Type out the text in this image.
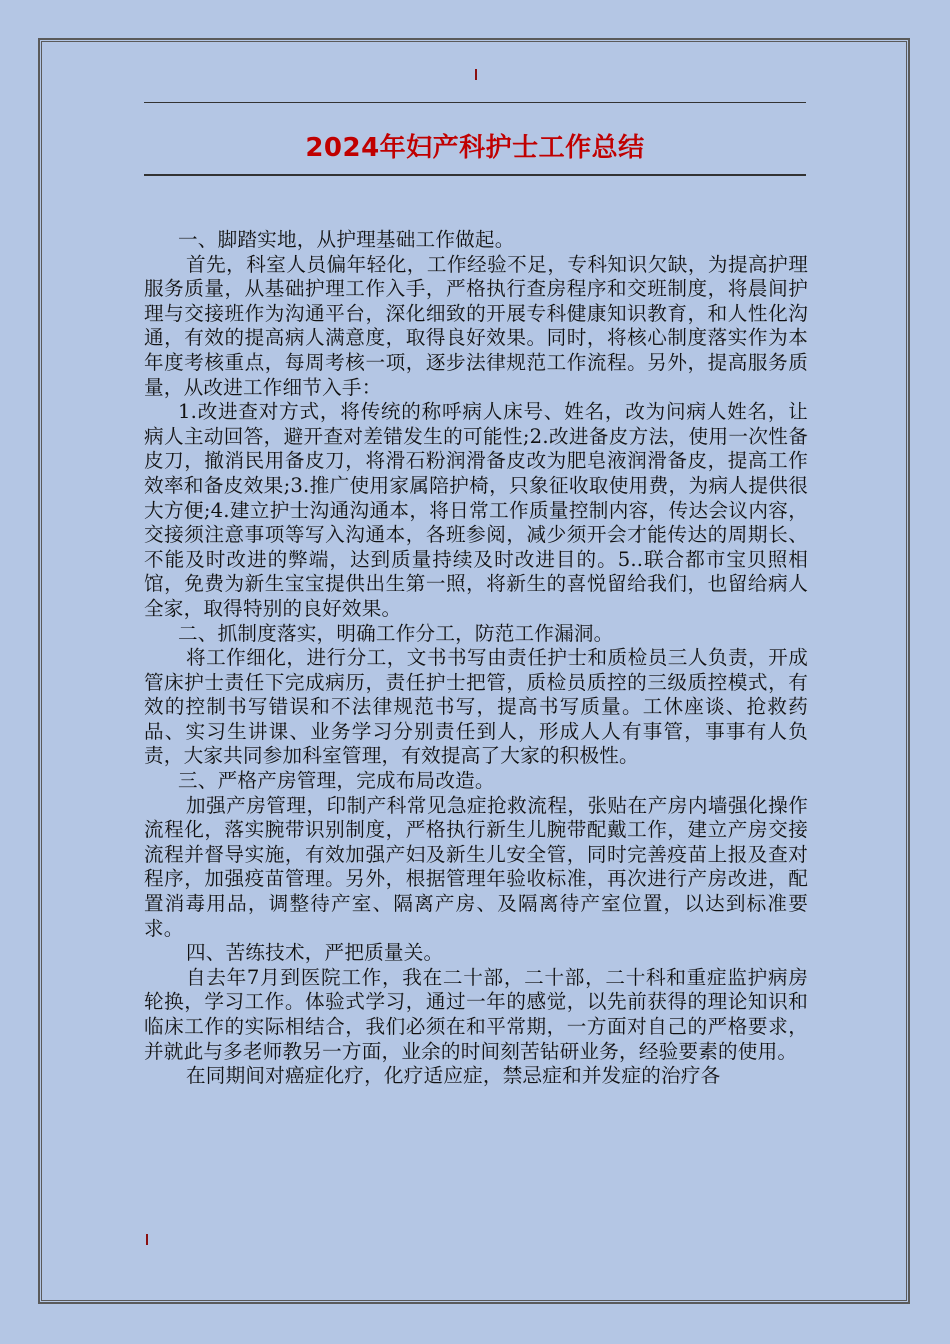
2024年妇产科护士工作总结

一、脚踏实地，从护理基础工作做起。

首先，科室人员偏年轻化，工作经验不足，专科知识欠缺，为提高护理服务质量，从基础护理工作入手，严格执行查房程序和交班制度，将晨间护理与交接班作为沟通平台，深化细致的开展专科健康知识教育，和人性化沟通，有效的提高病人满意度，取得良好效果。同时，将核心制度落实作为本年度考核重点，每周考核一项，逐步法律规范工作流程。另外，提高服务质量，从改进工作细节入手：

1.改进查对方式，将传统的称呼病人床号、姓名，改为问病人姓名，让病人主动回答，避开查对差错发生的可能性;2.改进备皮方法，使用一次性备皮刀，撤消民用备皮刀，将滑石粉润滑备皮改为肥皂液润滑备皮，提高工作效率和备皮效果;3.推广使用家属陪护椅，只象征收取使用费，为病人提供很大方便;4.建立护士沟通沟通本，将日常工作质量控制内容，传达会议内容，交接须注意事项等写入沟通本，各班参阅，减少须开会才能传达的周期长、不能及时改进的弊端，达到质量持续及时改进目的。5..联合都市宝贝照相馆，免费为新生宝宝提供出生第一照，将新生的喜悦留给我们，也留给病人全家，取得特别的良好效果。

二、抓制度落实，明确工作分工，防范工作漏洞。

将工作细化，进行分工，文书书写由责任护士和质检员三人负责，开成管床护士责任下完成病历，责任护士把管，质检员质控的三级质控模式，有效的控制书写错误和不法律规范书写，提高书写质量。工休座谈、抢救药品、实习生讲课、业务学习分别责任到人，形成人人有事管，事事有人负责，大家共同参加科室管理，有效提高了大家的积极性。

三、严格产房管理，完成布局改造。

加强产房管理，印制产科常见急症抢救流程，张贴在产房内墙强化操作流程化，落实腕带识别制度，严格执行新生儿腕带配戴工作，建立产房交接流程并督导实施，有效加强产妇及新生儿安全管，同时完善疫苗上报及查对程序，加强疫苗管理。另外，根据管理年验收标准，再次进行产房改进，配置消毒用品，调整待产室、隔离产房、及隔离待产室位置，以达到标准要求。

四、苦练技术，严把质量关。

自去年7月到医院工作，我在二十部，二十部，二十科和重症监护病房轮换，学习工作。体验式学习，通过一年的感觉，以先前获得的理论知识和临床工作的实际相结合，我们必须在和平常期，一方面对自己的严格要求，并就此与多老师教另一方面，业余的时间刻苦钻研业务，经验要素的使用。

在同期间对癌症化疗，化疗适应症，禁忌症和并发症的治疗各
